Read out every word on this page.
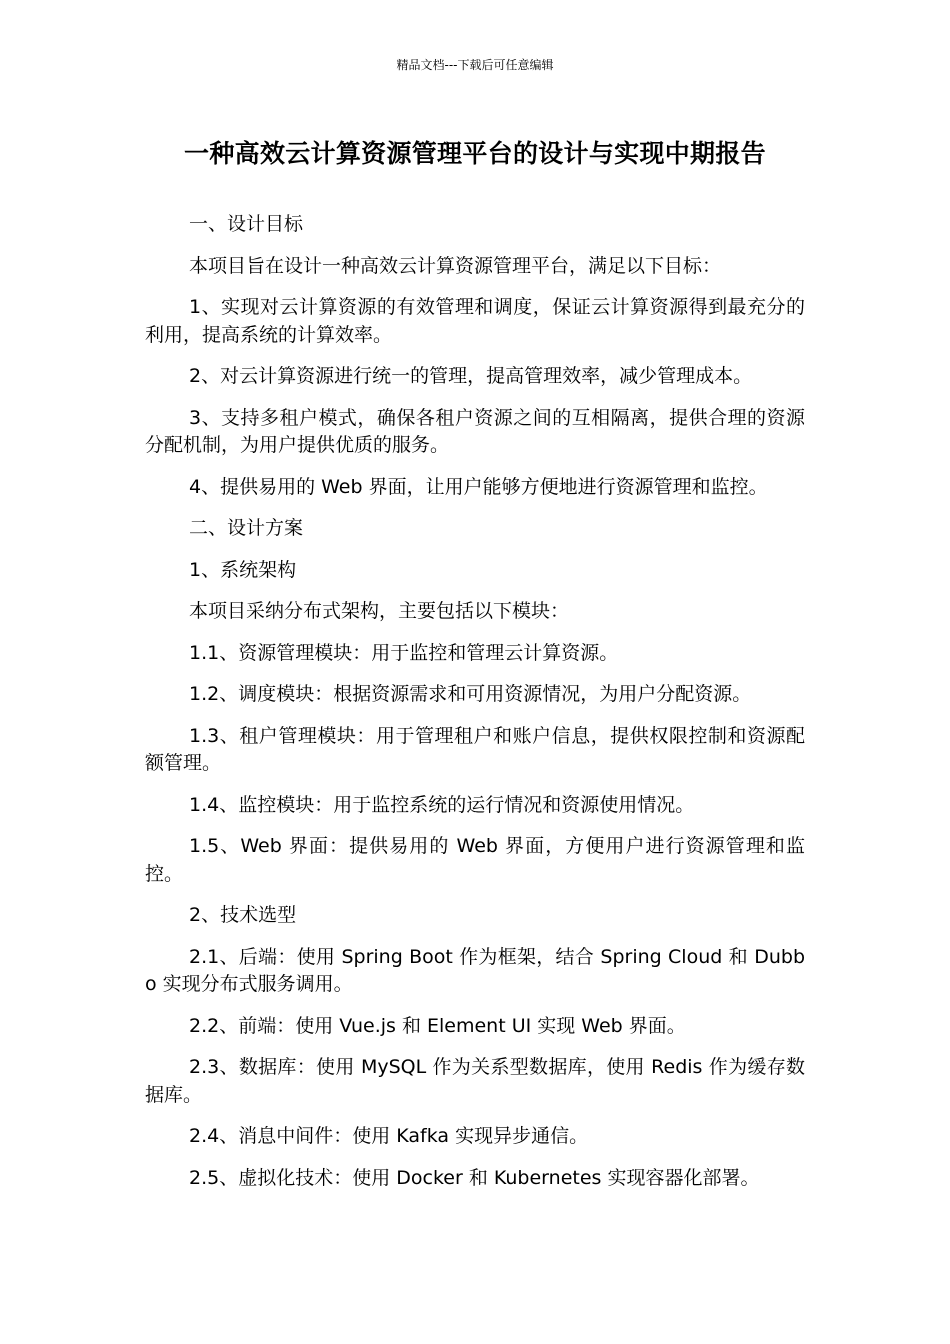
精品文档---下载后可任意编辑
一种高效云计算资源管理平台的设计与实现中期报告

一、设计目标

本项目旨在设计一种高效云计算资源管理平台，满足以下目标：

1、实现对云计算资源的有效管理和调度，保证云计算资源得到最充分的利用，提高系统的计算效率。

2、对云计算资源进行统一的管理，提高管理效率，减少管理成本。

3、支持多租户模式，确保各租户资源之间的互相隔离，提供合理的资源分配机制，为用户提供优质的服务。

4、提供易用的 Web 界面，让用户能够方便地进行资源管理和监控。

二、设计方案

1、系统架构

本项目采纳分布式架构，主要包括以下模块：

1.1、资源管理模块：用于监控和管理云计算资源。

1.2、调度模块：根据资源需求和可用资源情况，为用户分配资源。

1.3、租户管理模块：用于管理租户和账户信息，提供权限控制和资源配额管理。

1.4、监控模块：用于监控系统的运行情况和资源使用情况。

1.5、Web 界面：提供易用的 Web 界面，方便用户进行资源管理和监控。

2、技术选型

2.1、后端：使用 Spring Boot 作为框架，结合 Spring Cloud 和 Dubbo 实现分布式服务调用。

2.2、前端：使用 Vue.js 和 Element UI 实现 Web 界面。

2.3、数据库：使用 MySQL 作为关系型数据库，使用 Redis 作为缓存数据库。

2.4、消息中间件：使用 Kafka 实现异步通信。

2.5、虚拟化技术：使用 Docker 和 Kubernetes 实现容器化部署。
